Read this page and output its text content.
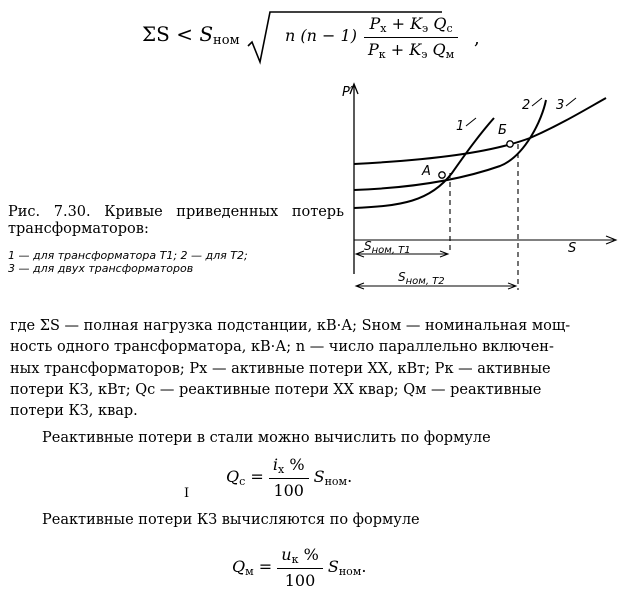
$\Sigma S < S_{ном}$	n $(n - 1) \frac{P_х + K_э Q_с}{P_к + K_э Q_м}$ ,
P′
S
1
2 3
А
Б
$S_{ном, Т1}$
$S_{ном, Т2}$
Рис. 7.30. Кривые приведенных потерь трансформаторов:
1 — для трансформатора Т1; 2 — для Т2;
3 — для двух трансформаторов
где ΣS — полная нагрузка подстанции, кВ·А; Sном — номинальная мощ-
ность одного трансформатора, кВ·А; n — число параллельно включен-
ных трансформаторов; Pх — активные потери ХХ, кВт; Pк — активные
потери КЗ, кВт; Qс — реактивные потери ХХ квар; Qм — реактивные
потери КЗ, квар.
Реактивные потери в стали можно вычислить по формуле
$Q_с = \frac{i_х \%}{100} S_{ном}$.
I
Реактивные потери КЗ вычисляются по формуле
$Q_м = \frac{u_к \%}{100} S_{ном}$.
